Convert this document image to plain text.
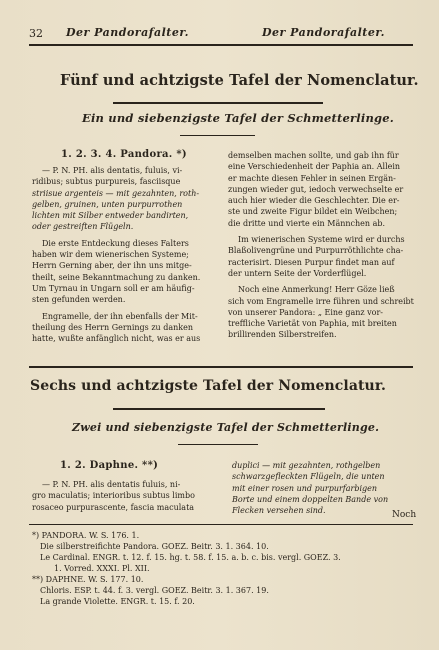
32 Der Pandorafalter.	Der Pandorafalter.
Fünf und achtzigste Tafel der Nomenclatur.
Ein und siebenzigste Tafel der Schmetterlinge.
1. 2. 3. 4. Pandora. *)
— P. N. PH. alis dentatis, fuluis, vi-
ridibus; subtus purpureis, fasciisque
striisue argenteis — mit gezahnten, roth-
gelben, gruinen, unten purpurrothen
lichten mit Silber entweder bandirten,
oder gestreiften Flügeln.
Die erste Entdeckung dieses Falters
haben wir dem wienerischen Systeme;
Herrn Gerning aber, der ihn uns mitge-
theilt, seine Bekanntmachung zu danken.
Um Tyrnau in Ungarn soll er am häufig-
sten gefunden werden.
Engramelle, der ihn ebenfalls der Mit-
theilung des Herrn Gernings zu danken
hatte, wußte anfänglich nicht, was er aus
demselben machen sollte, und gab ihn für
eine Verschiedenheit der Paphia an. Allein
er machte diesen Fehler in seinen Ergän-
zungen wieder gut, iedoch verwechselte er
auch hier wieder die Geschlechter. Die er-
ste und zweite Figur bildet ein Weibchen;
die dritte und vierte ein Männchen ab.
Im wienerischen Systeme wird er durchs
Blaßolivengrüne und Purpurröthlichte cha-
racterisirt. Diesen Purpur findet man auf
der untern Seite der Vorderflügel.
Noch eine Anmerkung! Herr Göze ließ
sich vom Engramelle irre führen und schreibt
von unserer Pandora: „ Eine ganz vor-
treffliche Varietät von Paphia, mit breiten
brillirenden Silberstreifen.
Sechs und achtzigste Tafel der Nomenclatur.
Zwei und siebenzigste Tafel der Schmetterlinge.
1. 2. Daphne. **)
— P. N. PH. alis dentatis fuluis, ni-
gro maculatis; interioribus subtus limbo
rosaceo purpurascente, fascia maculata
duplici — mit gezahnten, rothgelben
schwarzgefleckten Flügeln, die unten
mit einer rosen und purpurfarbigen
Borte und einem doppelten Bande von
Flecken versehen sind.	Noch
*) PANDORA. W. S. 176. 1.
Die silberstreifichte Pandora. GOEZ. Beitr. 3. 1. 364. 10.
Le Cardinal. ENGR. t. 12. f. 15. hg. t. 58. f. 15. a. b. c. bis. vergl. GOEZ. 3.
1. Vorred. XXXI. Pl. XII.
**) DAPHNE. W. S. 177. 10.
Chloris. ESP. t. 44. f. 3. vergl. GOEZ. Beitr. 3. 1. 367. 19.
La grande Violette. ENGR. t. 15. f. 20.
